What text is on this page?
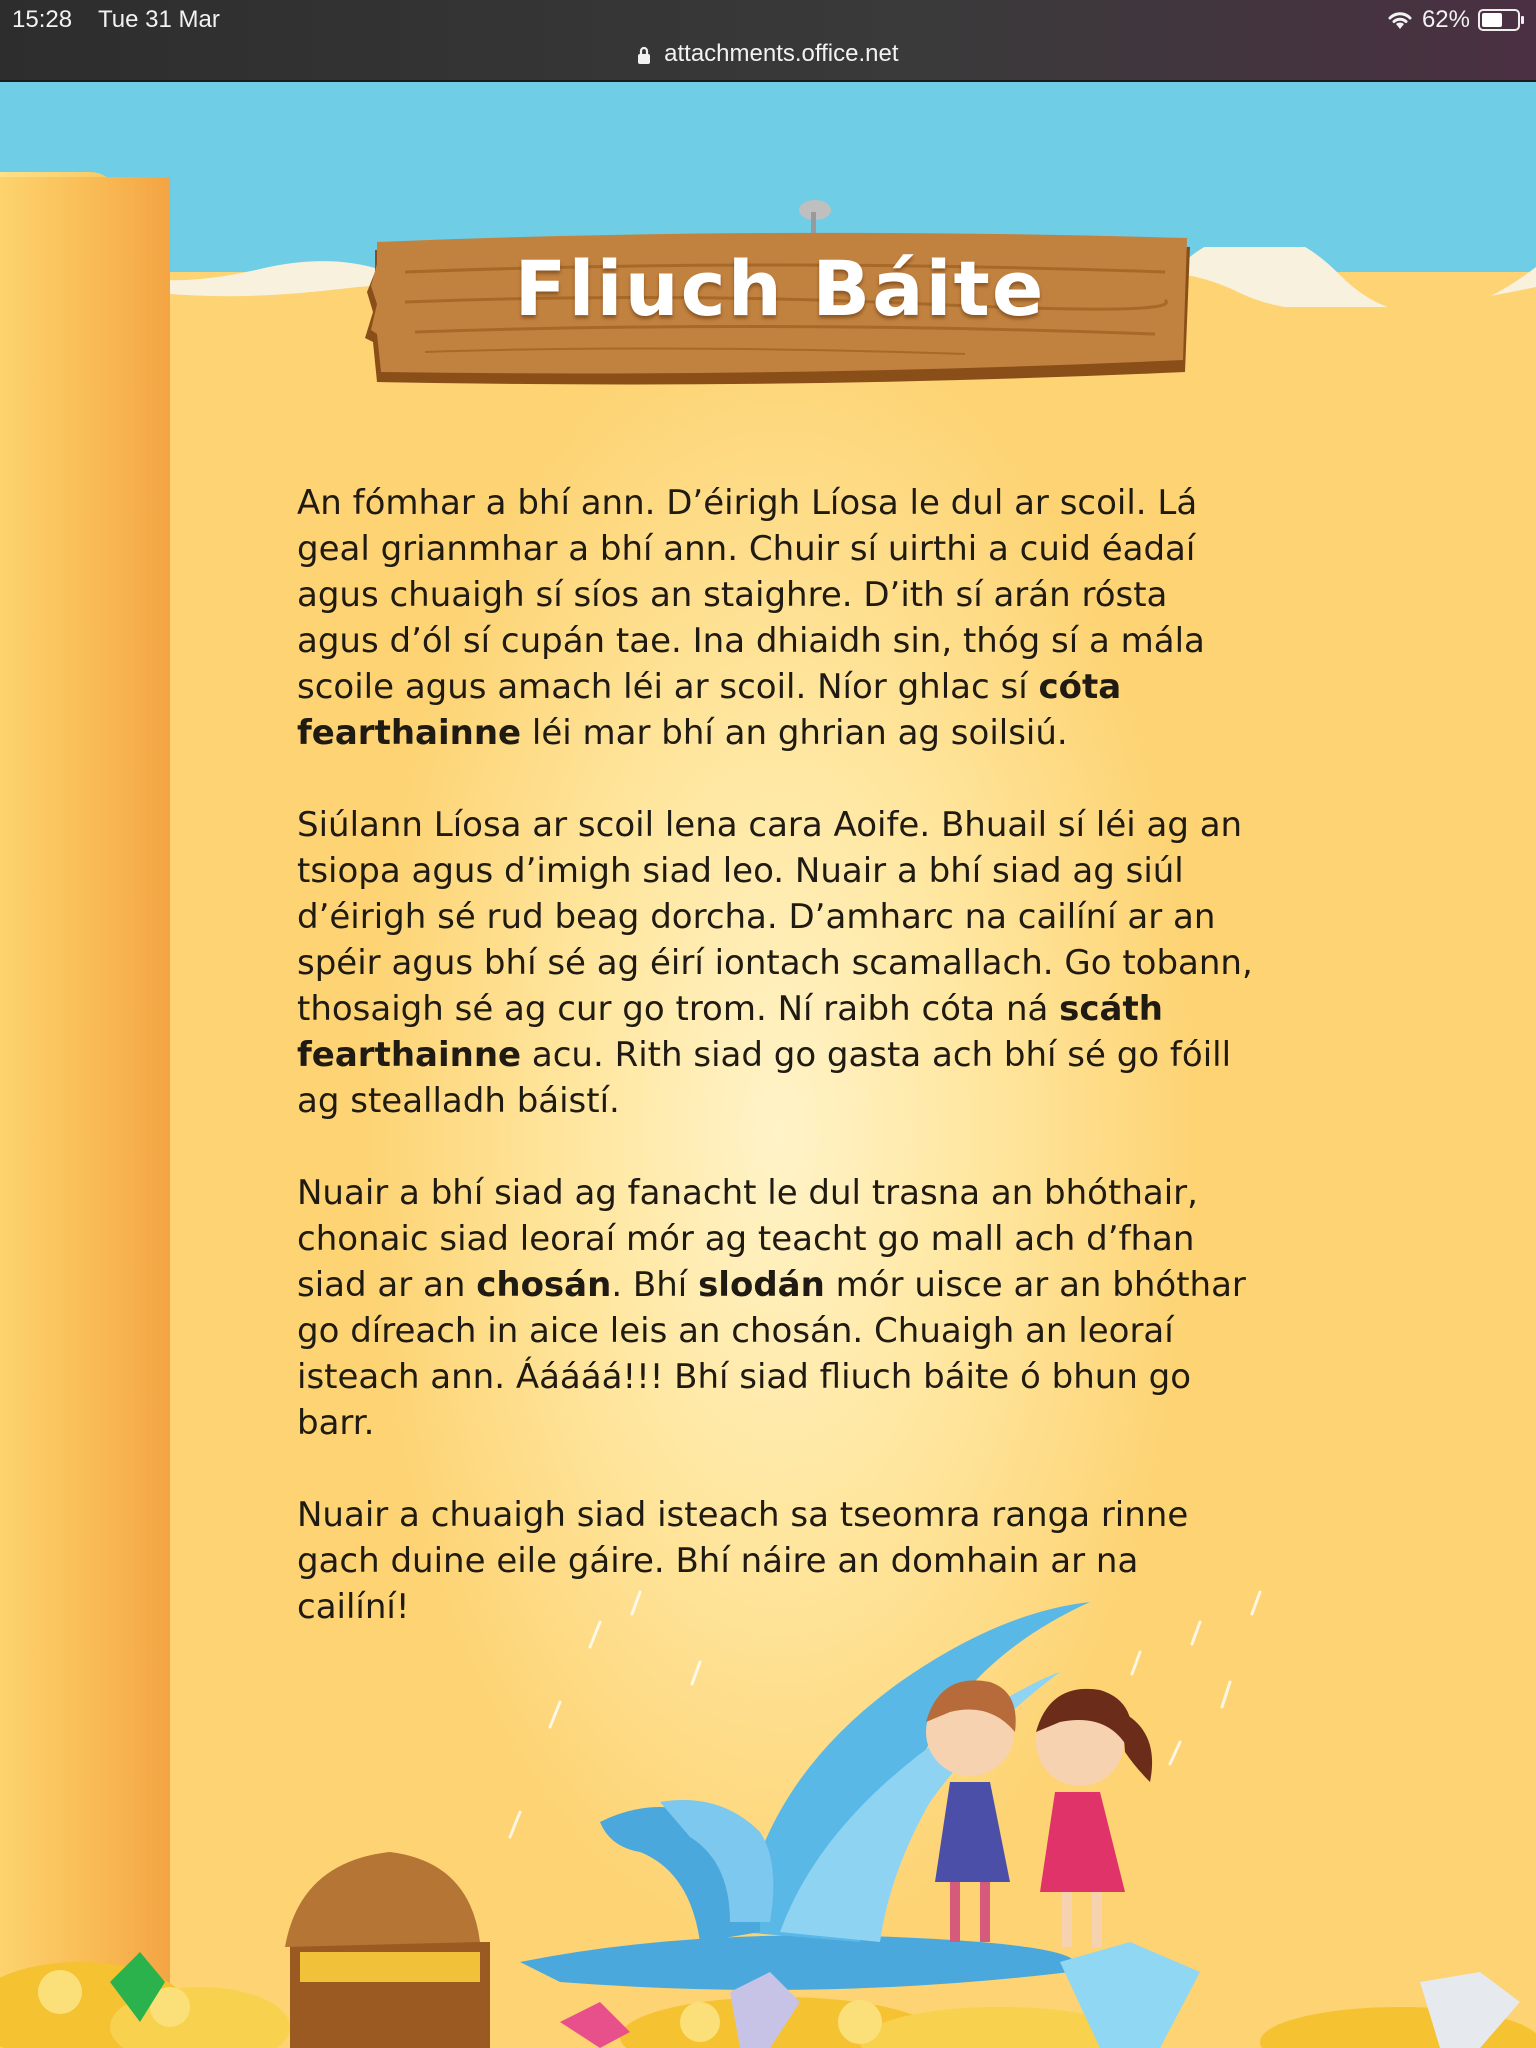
15:28 Tue 31 Mar	62%
attachments.office.net
Fliuch Báite

An fómhar a bhí ann. D’éirigh Líosa le dul ar scoil. Lá geal grianmhar a bhí ann. Chuir sí uirthi a cuid éadaí agus chuaigh sí síos an staighre. D’ith sí arán rósta agus d’ól sí cupán tae. Ina dhiaidh sin, thóg sí a mála scoile agus amach léi ar scoil. Níor ghlac sí cóta fearthainne léi mar bhí an ghrian ag soilsiú.

Siúlann Líosa ar scoil lena cara Aoife. Bhuail sí léi ag an tsiopa agus d’imigh siad leo. Nuair a bhí siad ag siúl d’éirigh sé rud beag dorcha. D’amharc na cailíní ar an spéir agus bhí sé ag éirí iontach scamallach. Go tobann, thosaigh sé ag cur go trom. Ní raibh cóta ná scáth fearthainne acu. Rith siad go gasta ach bhí sé go fóill ag stealladh báistí.

Nuair a bhí siad ag fanacht le dul trasna an bhóthair, chonaic siad leoraí mór ag teacht go mall ach d’fhan siad ar an chosán. Bhí slodán mór uisce ar an bhóthar go díreach in aice leis an chosán. Chuaigh an leoraí isteach ann. Ááááá!!! Bhí siad fliuch báite ó bhun go barr.

Nuair a chuaigh siad isteach sa tseomra ranga rinne gach duine eile gáire. Bhí náire an domhain ar na cailíní!
